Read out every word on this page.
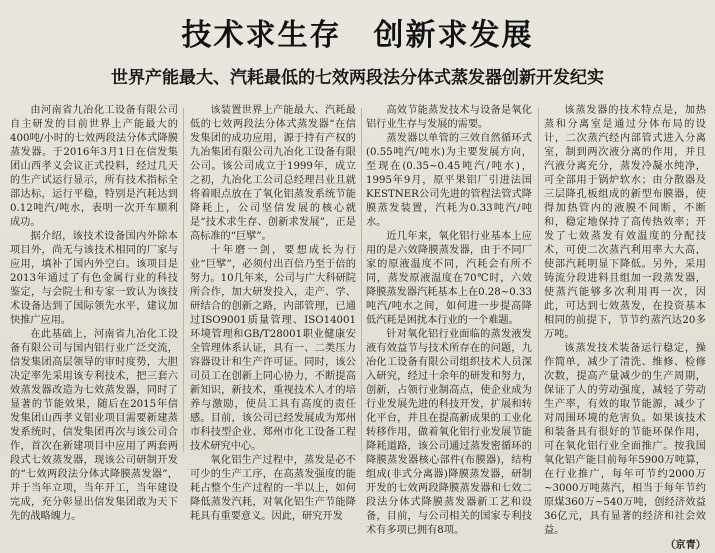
技术求生存　创新求发展
世界产能最大、汽耗最低的七效两段法分体式蒸发器创新开发纪实

由河南省九冶化工设备有限公司自主研发的目前世界上产能最大的400吨/小时的七效两段法分体式降膜蒸发器。于2016年3月1日在信发集团山西孝义会议正式投料，经过几天的生产试运行显示，所有技术指标全部达标，运行平稳，特别是汽耗达到0.12吨汽/吨水，表明一次开车顺利成功。

据介绍，该技术设备国内外除本项目外，尚无与该技术相同的厂家与应用，填补了国内外空白。该项目是2013年通过了有色金属行业的科技鉴定，与会院士和专家一致认为该技术设备达到了国际领先水平，建议加快推广应用。

在此基础上，河南省九冶化工设备有限公司与国内铝行业广泛交流，信发集团高层领导的审时度势，大胆决定率先采用该专利技术，把三套六效蒸发器改造为七效蒸发器，同时了显著的节能效果，随后在2015年信发集团山西孝义铝业项目需要新建蒸发系统时，信发集团再次与该公司合作，首次在新建项目中应用了两套两段式七效蒸发器，现该公司研制开发的“七效两段法分体式降膜蒸发器”，并于当年立项，当年开工，当年建设完成，充分彰显出信发集团敢为天下先的战略魄力。

该装置世界上产能最大、汽耗最低的七效两段法分体式蒸发器“在信发集团的成功应用，源于持有产权的九冶集团有限公司九冶化工设备有限公司。该公司成立于1999年，成立之初，九冶化工公司总经理吕业且就将着眼点放在了氧化铝蒸发系统节能降耗上，公司坚信发展的核心就是“技术求生存、创新求发展”，正是高标准的“巨擘”。

十年磨一剑，要想成长为行业“巨擘”，必须付出百倍乃至于倍的努力。10几年来，公司与广大科研院所合作，加大研发投入，走产、学、研结合的创新之路，内部管理，已通过ISO9001质量管理、ISO14001环境管理和GB/T28001职业健康安全管理体系认证，具有一、二类压力容器设计和生产许可证。同时，该公司员工在创新上同心协力，不断提高新知识，新技术，重视技术人才的培养与激励，使员工具有高度的责任感。目前，该公司已经发展成为郑州市科技型企业、郑州市化工设备工程技术研究中心。

氧化铝生产过程中，蒸发是必不可少的生产工序，在高蒸发强度的能耗占整个生产过程的一半以上，如何降低蒸发汽耗，对氧化铝生产节能降耗具有重要意义。因此，研究开发

高效节能蒸发技术与设备是氧化铝行业生存与发展的需要。

蒸发器以单管的三效自然循环式(0.55吨汽/吨水)为主要发展方向，至现在(0.35~0.45吨汽/吨水)，1995年9月，原平果铝厂引进法国KESTNER公司先进的管程法管式降膜蒸发装置，汽耗为0.33吨汽/吨水。

近几年来，氧化铝行业基本上应用的是六效降膜蒸发器，由于不同厂家的原液温度不同，汽耗会有所不同，蒸发原液温度在70℃时，六效降膜蒸发器汽耗基本上在0.28~0.33吨汽/吨水之间，如何进一步提高降低汽耗是困扰本行业的一个难题。

针对氧化铝行业面临的蒸发液发液有效益节与技术所存在的问题，九冶化工设备有限公司组织技术人员深入研究，经过十余年的研发和努力，创新，占领行业制高点，使企业成为行业发展先进的科技开发，扩展和转化平台，并且在提高新成果的工业化转移作用，做着氧化铝行业发展节能降耗道路，该公司通过蒸发密循环的降膜蒸发器核心部件(布膜器)，结构组成(非式分离器)降膜蒸发器，研制开发的七效两段降膜蒸发器和七效二段法分体式降膜蒸发器新工艺和设备，目前，与公司相关的国家专利技术有多项已拥有8项。

该蒸发器的技术特点是，加热蒸和分离室是通过分体布局的设计，二次蒸汽经内部管式进入分离室，制到两次液分离的作用，并且汽液分离充分，蒸发冷凝水纯净，可全部用于锅炉软水；由分散器及三层降孔板组成的新型布膜器，使得加热管内的液膜不间断，不断和，稳定地保持了高传热效率；开发了七效蒸发有效温度的分配技术，可使二次蒸汽利用率大大高，使部汽耗明显下降低。另外，采用铸流分段进料且组加一段蒸发器，使蒸汽能够多次利用再一次，因此，可达到七效蒸发，在投资基本相同的前提下，节节约蒸汽达20多万吨。

该蒸发技术装备运行稳定，操作简单，减少了清洗、维修、检修次数，提高产量减少的生产周期，保证了人的劳动强度，减轻了劳动生产率，有效的取节能源，减少了对周围环境的危害负。如果该技术和装备具有很好的节能环保作用，可在氧化铝行业全面推广。按我国氧化铝产能目前每年5900万吨算，在行业推广，每年可节约2000万~3000万吨蒸汽，相当于每年节约原煤360万~540万吨，创经济效益36亿元，具有显著的经济和社会效益。

（京青）
